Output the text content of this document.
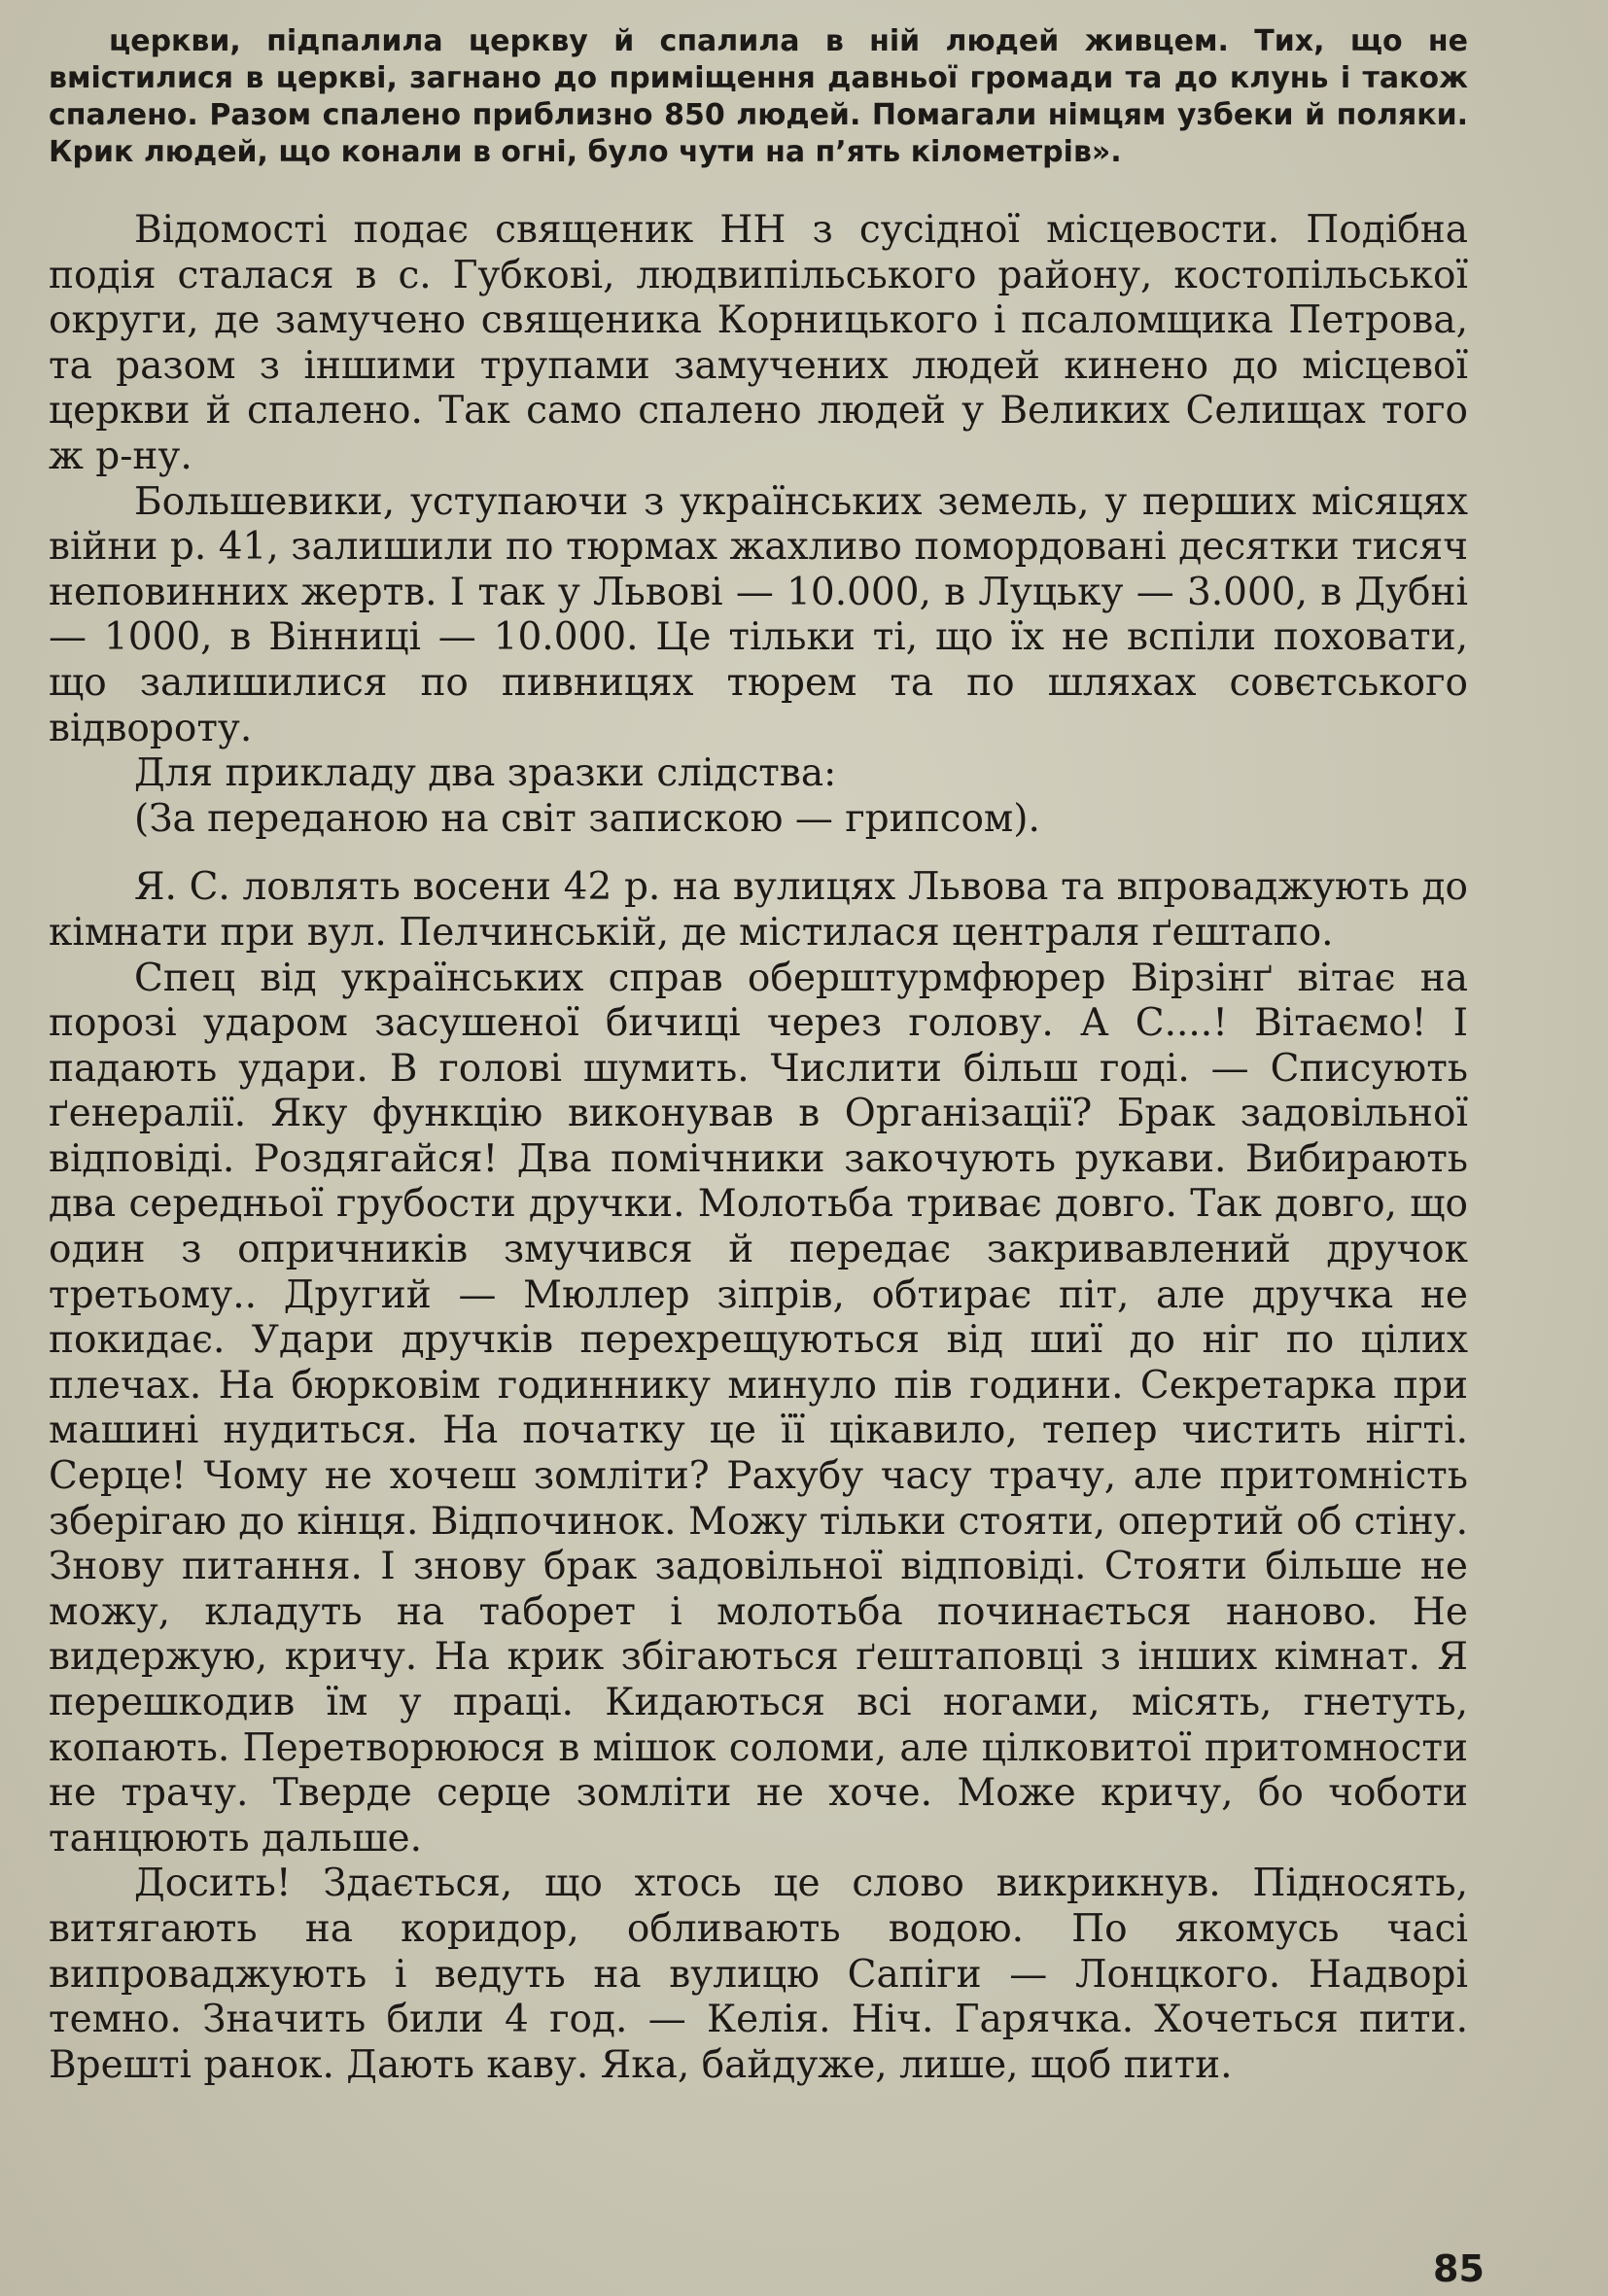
церкви, підпалила церкву й спалила в ній людей живцем. Тих, що не вмістилися в церкві, загнано до приміщення давньої громади та до клунь і також спалено. Разом спалено приблизно 850 людей. Помагали німцям узбеки й поляки. Крик людей, що конали в огні, було чути на п’ять кілометрів».

Відомості подає священик НН з сусідної місцевости. Подібна подія сталася в с. Губкові, людвипільського району, костопільської округи, де замучено священика Корницького і псаломщика Петрова, та разом з іншими трупами замучених людей кинено до місцевої церкви й спалено. Так само спалено людей у Великих Селищах того ж р-ну.

Большевики, уступаючи з українських земель, у перших місяцях війни р. 41, залишили по тюрмах жахливо помордовані десятки тисяч неповинних жертв. І так у Львові — 10.000, в Луцьку — 3.000, в Дубні — 1000, в Вінниці — 10.000. Це тільки ті, що їх не вспіли поховати, що залишилися по пивницях тюрем та по шляхах совєтського відвороту.

Для прикладу два зразки слідства:

(За переданою на світ запискою — грипсом).

Я. С. ловлять восени 42 р. на вулицях Львова та впроваджують до кімнати при вул. Пелчинській, де містилася централя ґештапо.

Спец від українських справ оберштурмфюрер Вірзінґ вітає на порозі ударом засушеної бичиці через голову. А С....! Вітаємо! І падають удари. В голові шумить. Числити більш годі. — Списують ґенералії. Яку функцію виконував в Організації? Брак задовільної відповіді. Роздягайся! Два помічники закочують рукави. Вибирають два середньої грубости дручки. Молотьба триває довго. Так довго, що один з опричників змучився й передає закривавлений дручок третьому.. Другий — Мюллер зіпрів, обтирає піт, але дручка не покидає. Удари дручків перехрещуються від шиї до ніг по цілих плечах. На бюрковім годиннику минуло пів години. Секретарка при машині нудиться. На початку це її цікавило, тепер чистить нігті. Серце! Чому не хочеш зомліти? Рахубу часу трачу, але притомність зберігаю до кінця. Відпочинок. Можу тільки стояти, опертий об стіну. Знову питання. І знову брак задовільної відповіді. Стояти більше не можу, кладуть на таборет і молотьба починається наново. Не видержую, кричу. На крик збігаються ґештаповці з інших кімнат. Я перешкодив їм у праці. Кидаються всі ногами, місять, гнетуть, копають. Перетворююся в мішок соломи, але цілковитої притомности не трачу. Тверде серце зомліти не хоче. Може кричу, бо чоботи танцюють дальше.

Досить! Здається, що хтось це слово викрикнув. Підносять, витягають на коридор, обливають водою. По якомусь часі випроваджують і ведуть на вулицю Сапіги — Лонцкого. Надворі темно. Значить били 4 год. — Келія. Ніч. Гарячка. Хочеться пити. Врешті ранок. Дають каву. Яка, байдуже, лише, щоб пити.

85
